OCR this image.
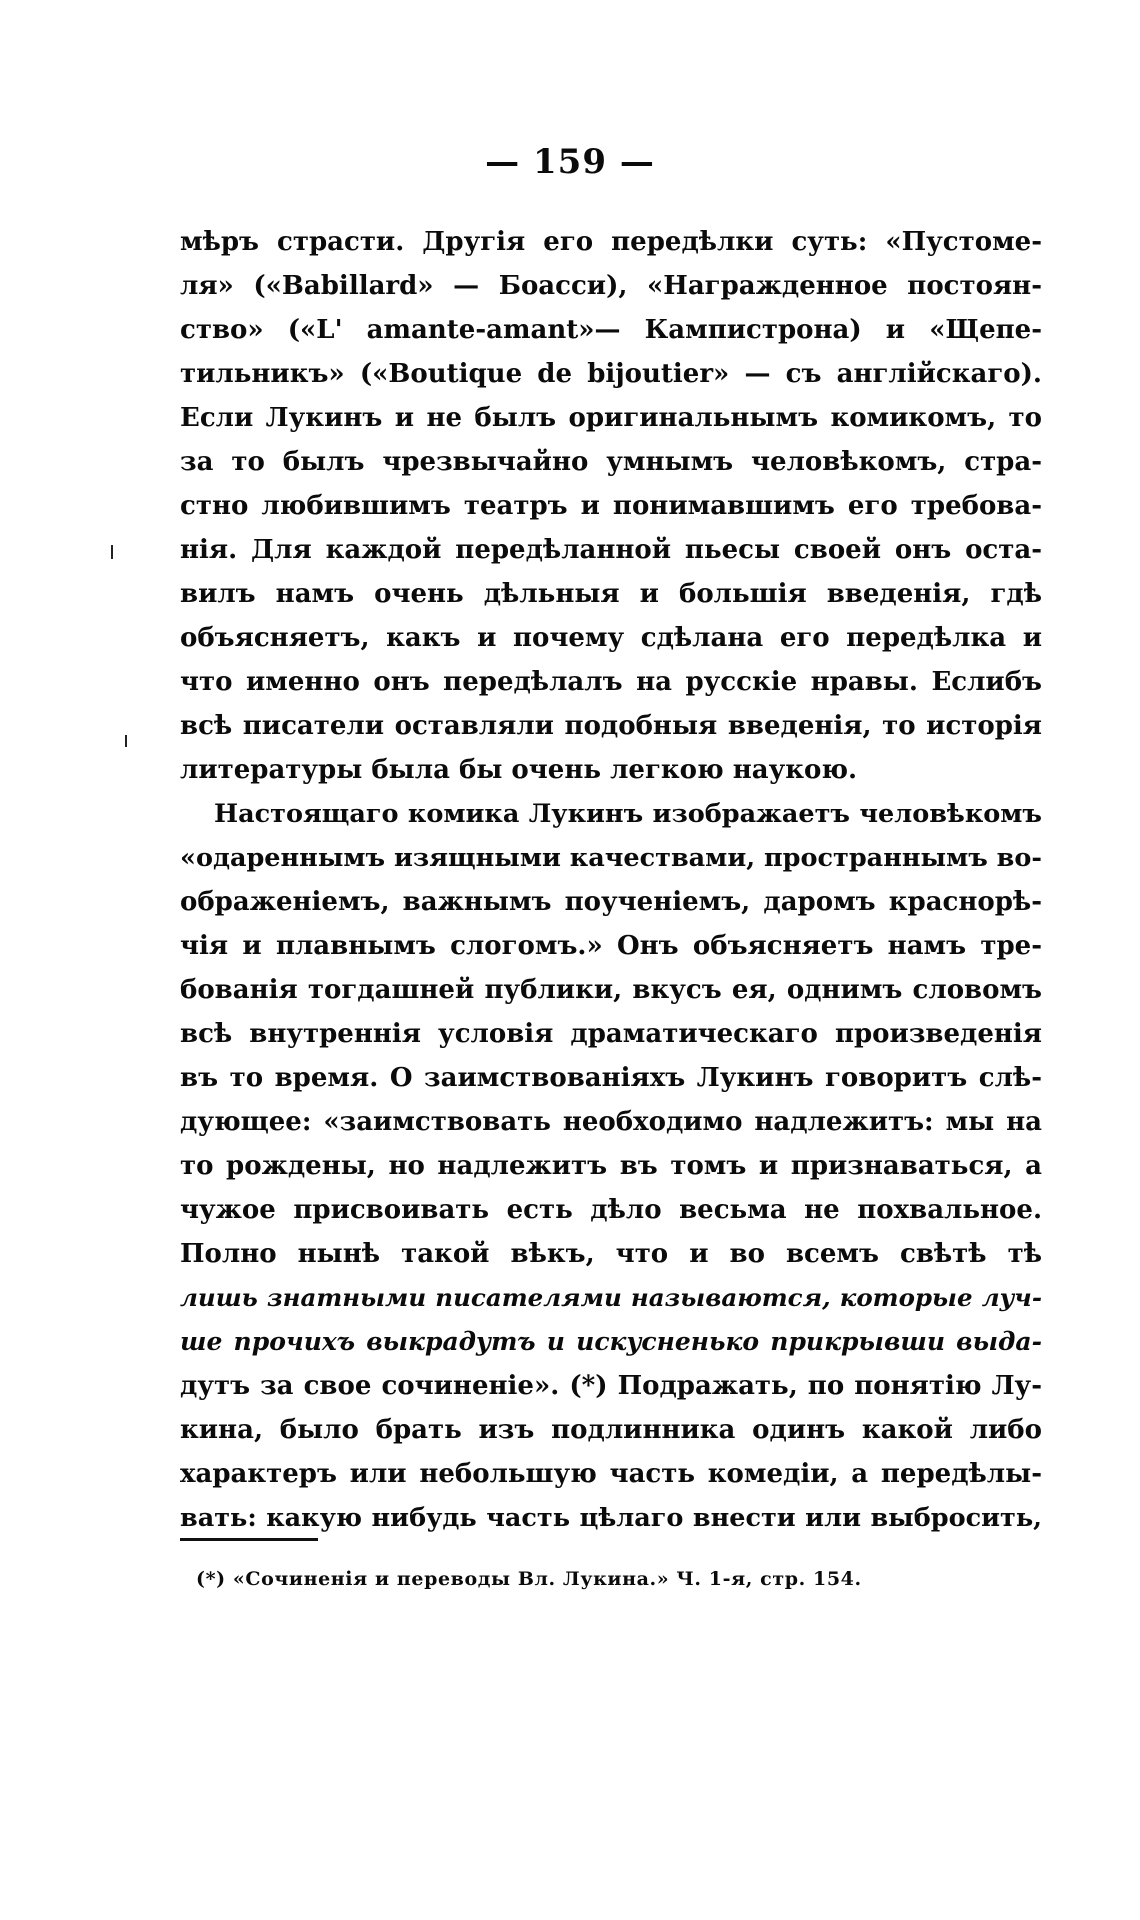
— 159 —
мѣръ страсти. Другія его передѣлки суть: «Пустоме-
ля» («Babillard» — Боасси), «Награжденное постоян-
ство» («L' amante-amant»— Кампистрона) и «Щепе-
тильникъ» («Boutique de bijoutier» — съ англійскаго).
Если Лукинъ и не былъ оригинальнымъ комикомъ, то
за то былъ чрезвычайно умнымъ человѣкомъ, стра-
стно любившимъ театръ и понимавшимъ его требова-
нія. Для каждой передѣланной пьесы своей онъ оста-
вилъ намъ очень дѣльныя и большія введенія, гдѣ
объясняетъ, какъ и почему сдѣлана его передѣлка и
что именно онъ передѣлалъ на русскіе нравы. Еслибъ
всѣ писатели оставляли подобныя введенія, то исторія
литературы была бы очень легкою наукою.
Настоящаго комика Лукинъ изображаетъ человѣкомъ
«одареннымъ изящными качествами, пространнымъ во-
ображеніемъ, важнымъ поученіемъ, даромъ краснорѣ-
чія и плавнымъ слогомъ.» Онъ объясняетъ намъ тре-
бованія тогдашней публики, вкусъ ея, однимъ словомъ
всѣ внутреннія условія драматическаго произведенія
въ то время. О заимствованіяхъ Лукинъ говоритъ слѣ-
дующее: «заимствовать необходимо надлежитъ: мы на
то рождены, но надлежитъ въ томъ и признаваться, а
чужое присвоивать есть дѣло весьма не похвальное.
Полно нынѣ такой вѣкъ, что и во всемъ свѣтѣ тѣ
лишь знатными писателями называются, которые луч-
ше прочихъ выкрадутъ и искусненько прикрывши выда-
дутъ за свое сочиненіе». (*) Подражать, по понятію Лу-
кина, было брать изъ подлинника одинъ какой либо
характеръ или небольшую часть комедіи, а передѣлы-
вать: какую нибудь часть цѣлаго внести или выбросить,
(*) «Сочиненія и переводы Вл. Лукина.» Ч. 1-я, стр. 154.
